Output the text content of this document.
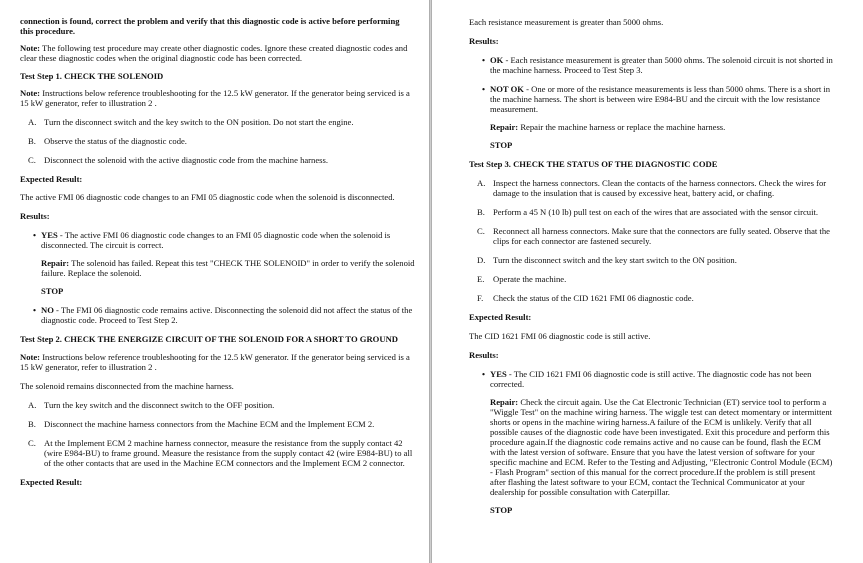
connection is found, correct the problem and verify that this diagnostic code is active before performing this procedure.

Note: The following test procedure may create other diagnostic codes. Ignore these created diagnostic codes and clear these diagnostic codes when the original diagnostic code has been corrected.

Test Step 1. CHECK THE SOLENOID

Note: Instructions below reference troubleshooting for the 12.5 kW generator. If the generator being serviced is a 15 kW generator, refer to illustration 2 .

A. Turn the disconnect switch and the key switch to the ON position. Do not start the engine.
B. Observe the status of the diagnostic code.
C. Disconnect the solenoid with the active diagnostic code from the machine harness.

Expected Result:

The active FMI 06 diagnostic code changes to an FMI 05 diagnostic code when the solenoid is disconnected.

Results:

• YES - The active FMI 06 diagnostic code changes to an FMI 05 diagnostic code when the solenoid is disconnected. The circuit is correct.

Repair: The solenoid has failed. Repeat this test "CHECK THE SOLENOID" in order to verify the solenoid failure. Replace the solenoid.

STOP

• NO - The FMI 06 diagnostic code remains active. Disconnecting the solenoid did not affect the status of the diagnostic code. Proceed to Test Step 2.

Test Step 2. CHECK THE ENERGIZE CIRCUIT OF THE SOLENOID FOR A SHORT TO GROUND

Note: Instructions below reference troubleshooting for the 12.5 kW generator. If the generator being serviced is a 15 kW generator, refer to illustration 2 .

The solenoid remains disconnected from the machine harness.

A. Turn the key switch and the disconnect switch to the OFF position.
B. Disconnect the machine harness connectors from the Machine ECM and the Implement ECM 2.
C. At the Implement ECM 2 machine harness connector, measure the resistance from the supply contact 42 (wire E984-BU) to frame ground. Measure the resistance from the supply contact 42 (wire E984-BU) to all of the other contacts that are used in the Machine ECM connectors and the Implement ECM 2 connector.

Expected Result:

Each resistance measurement is greater than 5000 ohms.

Results:

• OK - Each resistance measurement is greater than 5000 ohms. The solenoid circuit is not shorted in the machine harness. Proceed to Test Step 3.
• NOT OK - One or more of the resistance measurements is less than 5000 ohms. There is a short in the machine harness. The short is between wire E984-BU and the circuit with the low resistance measurement.

Repair: Repair the machine harness or replace the machine harness.

STOP

Test Step 3. CHECK THE STATUS OF THE DIAGNOSTIC CODE

A. Inspect the harness connectors. Clean the contacts of the harness connectors. Check the wires for damage to the insulation that is caused by excessive heat, battery acid, or chafing.
B. Perform a 45 N (10 lb) pull test on each of the wires that are associated with the sensor circuit.
C. Reconnect all harness connectors. Make sure that the connectors are fully seated. Observe that the clips for each connector are fastened securely.
D. Turn the disconnect switch and the key start switch to the ON position.
E. Operate the machine.
F. Check the status of the CID 1621 FMI 06 diagnostic code.

Expected Result:

The CID 1621 FMI 06 diagnostic code is still active.

Results:

• YES - The CID 1621 FMI 06 diagnostic code is still active. The diagnostic code has not been corrected.

Repair: Check the circuit again. Use the Cat Electronic Technician (ET) service tool to perform a "Wiggle Test" on the machine wiring harness. The wiggle test can detect momentary or intermittent shorts or opens in the machine wiring harness.A failure of the ECM is unlikely. Verify that all possible causes of the diagnostic code have been investigated. Exit this procedure and perform this procedure again.If the diagnostic code remains active and no cause can be found, flash the ECM with the latest version of software. Ensure that you have the latest version of software for your specific machine and ECM. Refer to the Testing and Adjusting, "Electronic Control Module (ECM) - Flash Program" section of this manual for the correct procedure.If the problem is still present after flashing the latest software to your ECM, contact the Technical Communicator at your dealership for possible consultation with Caterpillar.

STOP
